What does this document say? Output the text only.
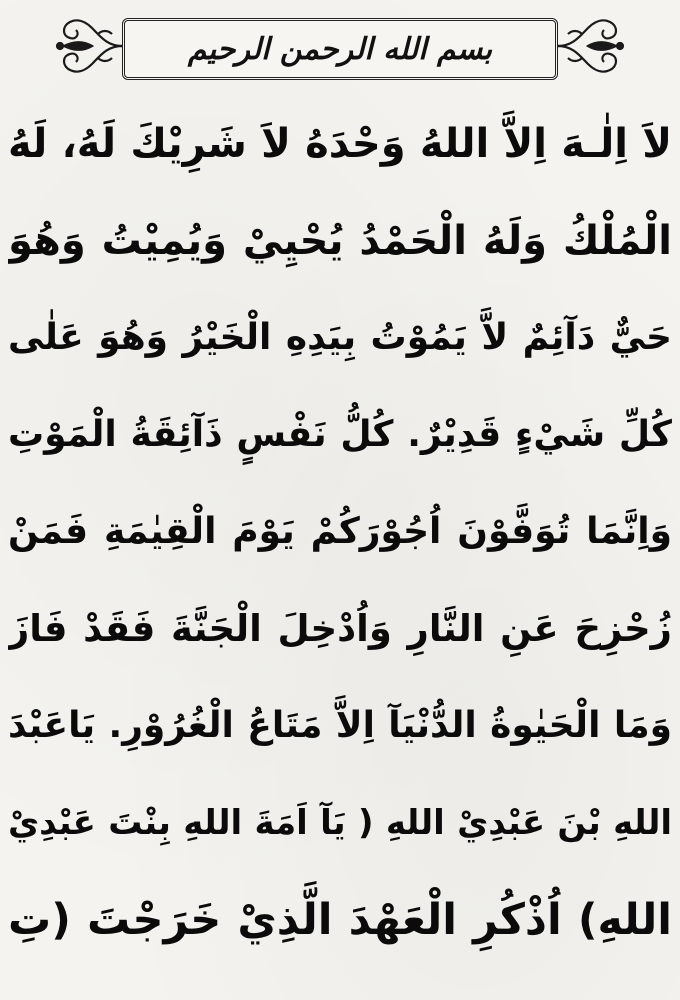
بسم الله الرحمن الرحيم
لاَ اِلٰـهَ اِلاَّ اللهُ وَحْدَهُ لاَ شَرِيْكَ لَهُ، لَهُ
الْمُلْكُ وَلَهُ الْحَمْدُ يُحْيِيْ وَيُمِيْتُ وَهُوَ
حَيٌّ دَآئِمٌ لاَّ يَمُوْتُ بِيَدِهِ الْخَيْرُ وَهُوَ عَلٰى
كُلِّ شَيْءٍ قَدِيْرٌ. كُلُّ نَفْسٍ ذَآئِقَةُ الْمَوْتِ
وَاِنَّمَا تُوَفَّوْنَ اُجُوْرَكُمْ يَوْمَ الْقِيٰمَةِ فَمَنْ
زُحْزِحَ عَنِ النَّارِ وَاُدْخِلَ الْجَنَّةَ فَقَدْ فَازَ
وَمَا الْحَيٰوةُ الدُّنْيَآ اِلاَّ مَتَاعُ الْغُرُوْرِ. يَاعَبْدَ
اللهِ بْنَ عَبْدِيْ اللهِ ( يَآ اَمَةَ اللهِ بِنْتَ عَبْدِيْ
اللهِ) اُذْكُرِ الْعَهْدَ الَّذِيْ خَرَجْتَ (تِ
